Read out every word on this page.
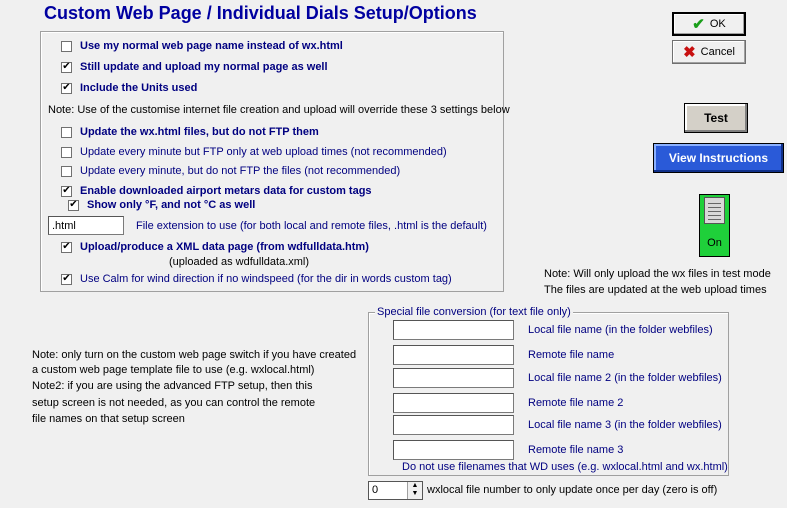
Custom Web Page / Individual Dials Setup/Options
Use my normal web page name instead of wx.html
✔ Still update and upload my normal page as well
✔ Include the Units used
Note: Use of the customise internet file creation and upload will override these 3 settings below
Update the wx.html files, but do not FTP them
Update every minute but FTP only at web upload times (not recommended)
Update every minute, but do not FTP the files (not recommended)
✔ Enable downloaded airport metars data for custom tags
✔ Show only °F, and not °C as well
.html
File extension to use (for both local and remote files, .html is the default)
✔ Upload/produce a XML data page (from wdfulldata.htm)
(uploaded as wdfulldata.xml)
✔ Use Calm for wind direction if no windspeed (for the dir in words custom tag)
✔ OK
✖ Cancel
Test
View Instructions
On
Note: Will only upload the wx files in test mode
The files are updated at the web upload times
Note: only turn on the custom web page switch if you have created
a custom web page template file to use (e.g. wxlocal.html)
Note2: if you are using the advanced FTP setup, then this
setup screen is not needed, as you can control the remote
file names on that setup screen
Special file conversion (for text file only)
Local file name (in the folder webfiles)
Remote file name
Local file name 2 (in the folder webfiles)
Remote file name 2
Local file name 3 (in the folder webfiles)
Remote file name 3
Do not use filenames that WD uses (e.g. wxlocal.html and wx.html)
0	▲
▼ wxlocal file number to only update once per day (zero is off)
